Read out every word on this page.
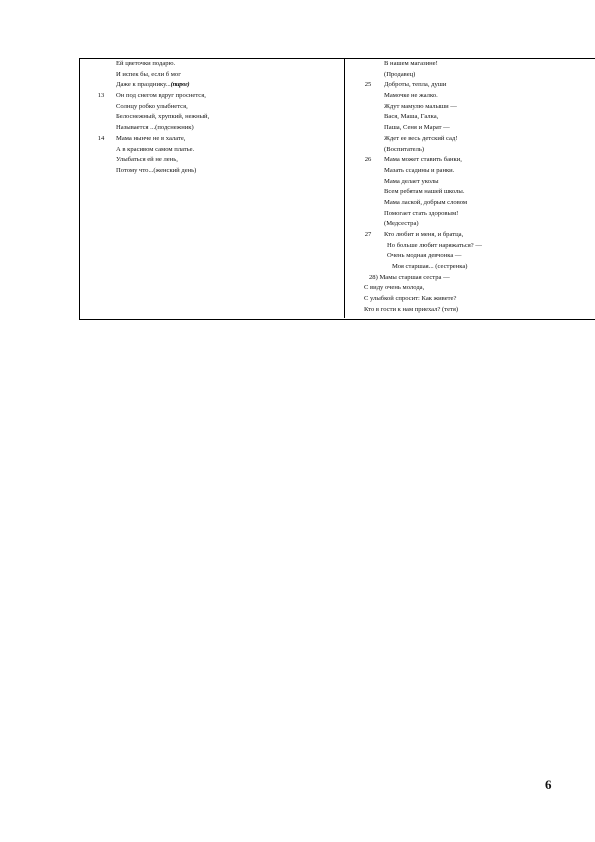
Ей цветочки подарю.
И испек бы, если б мог
Даже к празднику... (пирог)
13	Он под снегом вдруг проснется,
Солнцу робко улыбнется,
Белоснежный, хрупкий, нежный,
Называется ...(подснежник)
14	Мама нынче не в халате,
А в красивом самом платье.
Улыбаться ей не лень,
Потому что...(женский день)
В нашем магазине!
(Продавец)
25	Доброты, тепла, души
Мамочке не жалко.
Ждут мамулю малыши —
Вася, Маша, Галка,
Паша, Сеня и Марат —
Ждет ее весь детский сад!
(Воспитатель)
26	Мама может ставить банки,
Мазать ссадины и ранки.
Мама делает уколы
Всем ребятам нашей школы.
Мама лаской, добрым словом
Помогает стать здоровым!
(Медсестра)
27	Кто любит и меня, и братца,
Но больше любит наряжаться? —
Очень модная девчонка —
Моя старшая... (сестренка)
28) Мамы старшая сестра —
С виду очень молода,
С улыбкой спросит: Как живете?
Кто в гости к нам приехал? (тетя)
6
